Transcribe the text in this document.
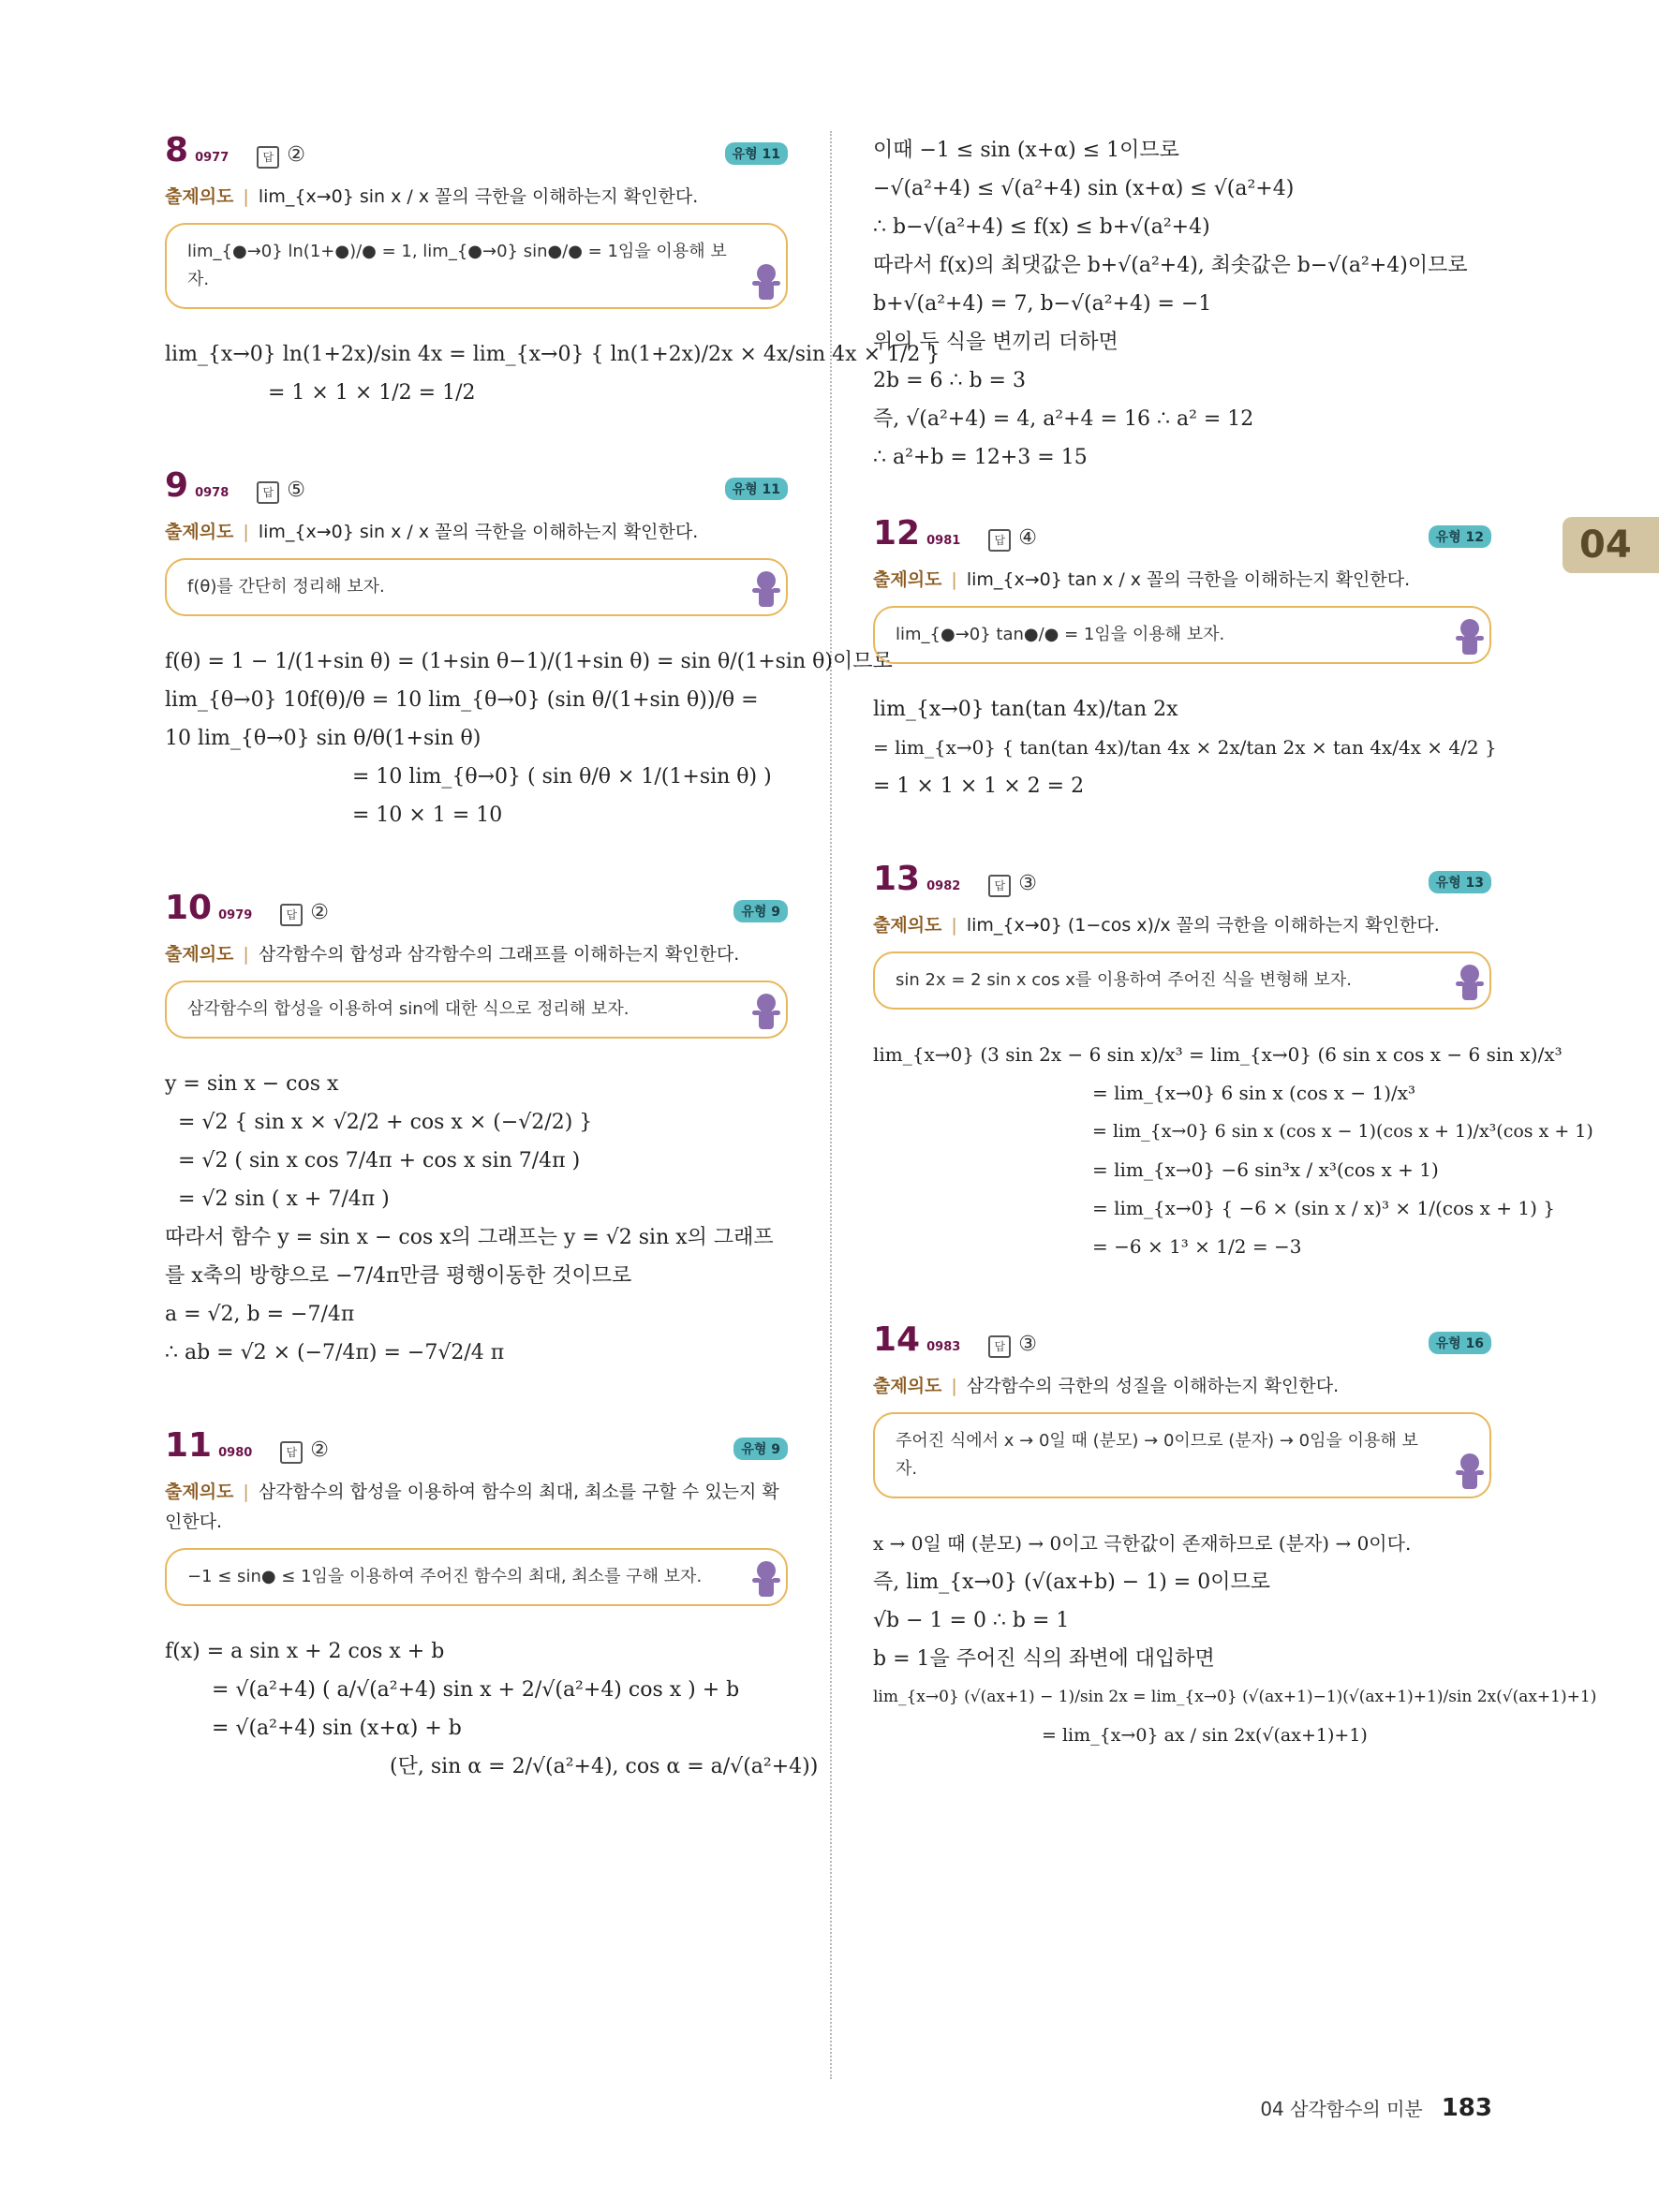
04
8 0977	답 ②	유형 11
출제의도 | lim_{x→0} sin x / x 꼴의 극한을 이해하는지 확인한다.
lim_{●→0} ln(1+●)/● = 1, lim_{●→0} sin●/● = 1임을 이용해 보자.
lim_{x→0} ln(1+2x)/sin 4x = lim_{x→0} { ln(1+2x)/2x × 4x/sin 4x × 1/2 }
= 1 × 1 × 1/2 = 1/2
9 0978	답 ⑤	유형 11
출제의도 | lim_{x→0} sin x / x 꼴의 극한을 이해하는지 확인한다.
f(θ)를 간단히 정리해 보자.
f(θ) = 1 − 1/(1+sin θ) = (1+sin θ−1)/(1+sin θ) = sin θ/(1+sin θ)이므로
lim_{θ→0} 10f(θ)/θ = 10 lim_{θ→0} (sin θ/(1+sin θ))/θ = 10 lim_{θ→0} sin θ/θ(1+sin θ)
= 10 lim_{θ→0} ( sin θ/θ × 1/(1+sin θ) )
= 10 × 1 = 10
10 0979	답 ②	유형 9
출제의도 | 삼각함수의 합성과 삼각함수의 그래프를 이해하는지 확인한다.
삼각함수의 합성을 이용하여 sin에 대한 식으로 정리해 보자.
y = sin x − cos x
= √2 { sin x × √2/2 + cos x × (−√2/2) }
= √2 ( sin x cos 7/4π + cos x sin 7/4π )
= √2 sin ( x + 7/4π )
따라서 함수 y = sin x − cos x의 그래프는 y = √2 sin x의 그래프
를 x축의 방향으로 −7/4π만큼 평행이동한 것이므로
a = √2, b = −7/4π
∴ ab = √2 × (−7/4π) = −7√2/4 π
11 0980	답 ②	유형 9
출제의도 | 삼각함수의 합성을 이용하여 함수의 최대, 최소를 구할 수 있는지 확인한다.
−1 ≤ sin● ≤ 1임을 이용하여 주어진 함수의 최대, 최소를 구해 보자.
f(x) = a sin x + 2 cos x + b
= √(a²+4) ( a/√(a²+4) sin x + 2/√(a²+4) cos x ) + b
= √(a²+4) sin (x+α) + b
(단, sin α = 2/√(a²+4), cos α = a/√(a²+4))
이때 −1 ≤ sin (x+α) ≤ 1이므로
−√(a²+4) ≤ √(a²+4) sin (x+α) ≤ √(a²+4)
∴ b−√(a²+4) ≤ f(x) ≤ b+√(a²+4)
따라서 f(x)의 최댓값은 b+√(a²+4), 최솟값은 b−√(a²+4)이므로
b+√(a²+4) = 7, b−√(a²+4) = −1
위의 두 식을 변끼리 더하면
2b = 6 ∴ b = 3
즉, √(a²+4) = 4, a²+4 = 16 ∴ a² = 12
∴ a²+b = 12+3 = 15
12 0981	답 ④	유형 12
출제의도 | lim_{x→0} tan x / x 꼴의 극한을 이해하는지 확인한다.
lim_{●→0} tan●/● = 1임을 이용해 보자.
lim_{x→0} tan(tan 4x)/tan 2x
= lim_{x→0} { tan(tan 4x)/tan 4x × 2x/tan 2x × tan 4x/4x × 4/2 }
= 1 × 1 × 1 × 2 = 2
13 0982	답 ③	유형 13
출제의도 | lim_{x→0} (1−cos x)/x 꼴의 극한을 이해하는지 확인한다.
sin 2x = 2 sin x cos x를 이용하여 주어진 식을 변형해 보자.
lim_{x→0} (3 sin 2x − 6 sin x)/x³ = lim_{x→0} (6 sin x cos x − 6 sin x)/x³
= lim_{x→0} 6 sin x (cos x − 1)/x³
= lim_{x→0} 6 sin x (cos x − 1)(cos x + 1)/x³(cos x + 1)
= lim_{x→0} −6 sin³x / x³(cos x + 1)
= lim_{x→0} { −6 × (sin x / x)³ × 1/(cos x + 1) }
= −6 × 1³ × 1/2 = −3
14 0983	답 ③	유형 16
출제의도 | 삼각함수의 극한의 성질을 이해하는지 확인한다.
주어진 식에서 x → 0일 때 (분모) → 0이므로 (분자) → 0임을 이용해 보자.
x → 0일 때 (분모) → 0이고 극한값이 존재하므로 (분자) → 0이다.
즉, lim_{x→0} (√(ax+b) − 1) = 0이므로
√b − 1 = 0 ∴ b = 1
b = 1을 주어진 식의 좌변에 대입하면
lim_{x→0} (√(ax+1) − 1)/sin 2x = lim_{x→0} (√(ax+1)−1)(√(ax+1)+1)/sin 2x(√(ax+1)+1)
= lim_{x→0} ax / sin 2x(√(ax+1)+1)
04 삼각함수의 미분 183
